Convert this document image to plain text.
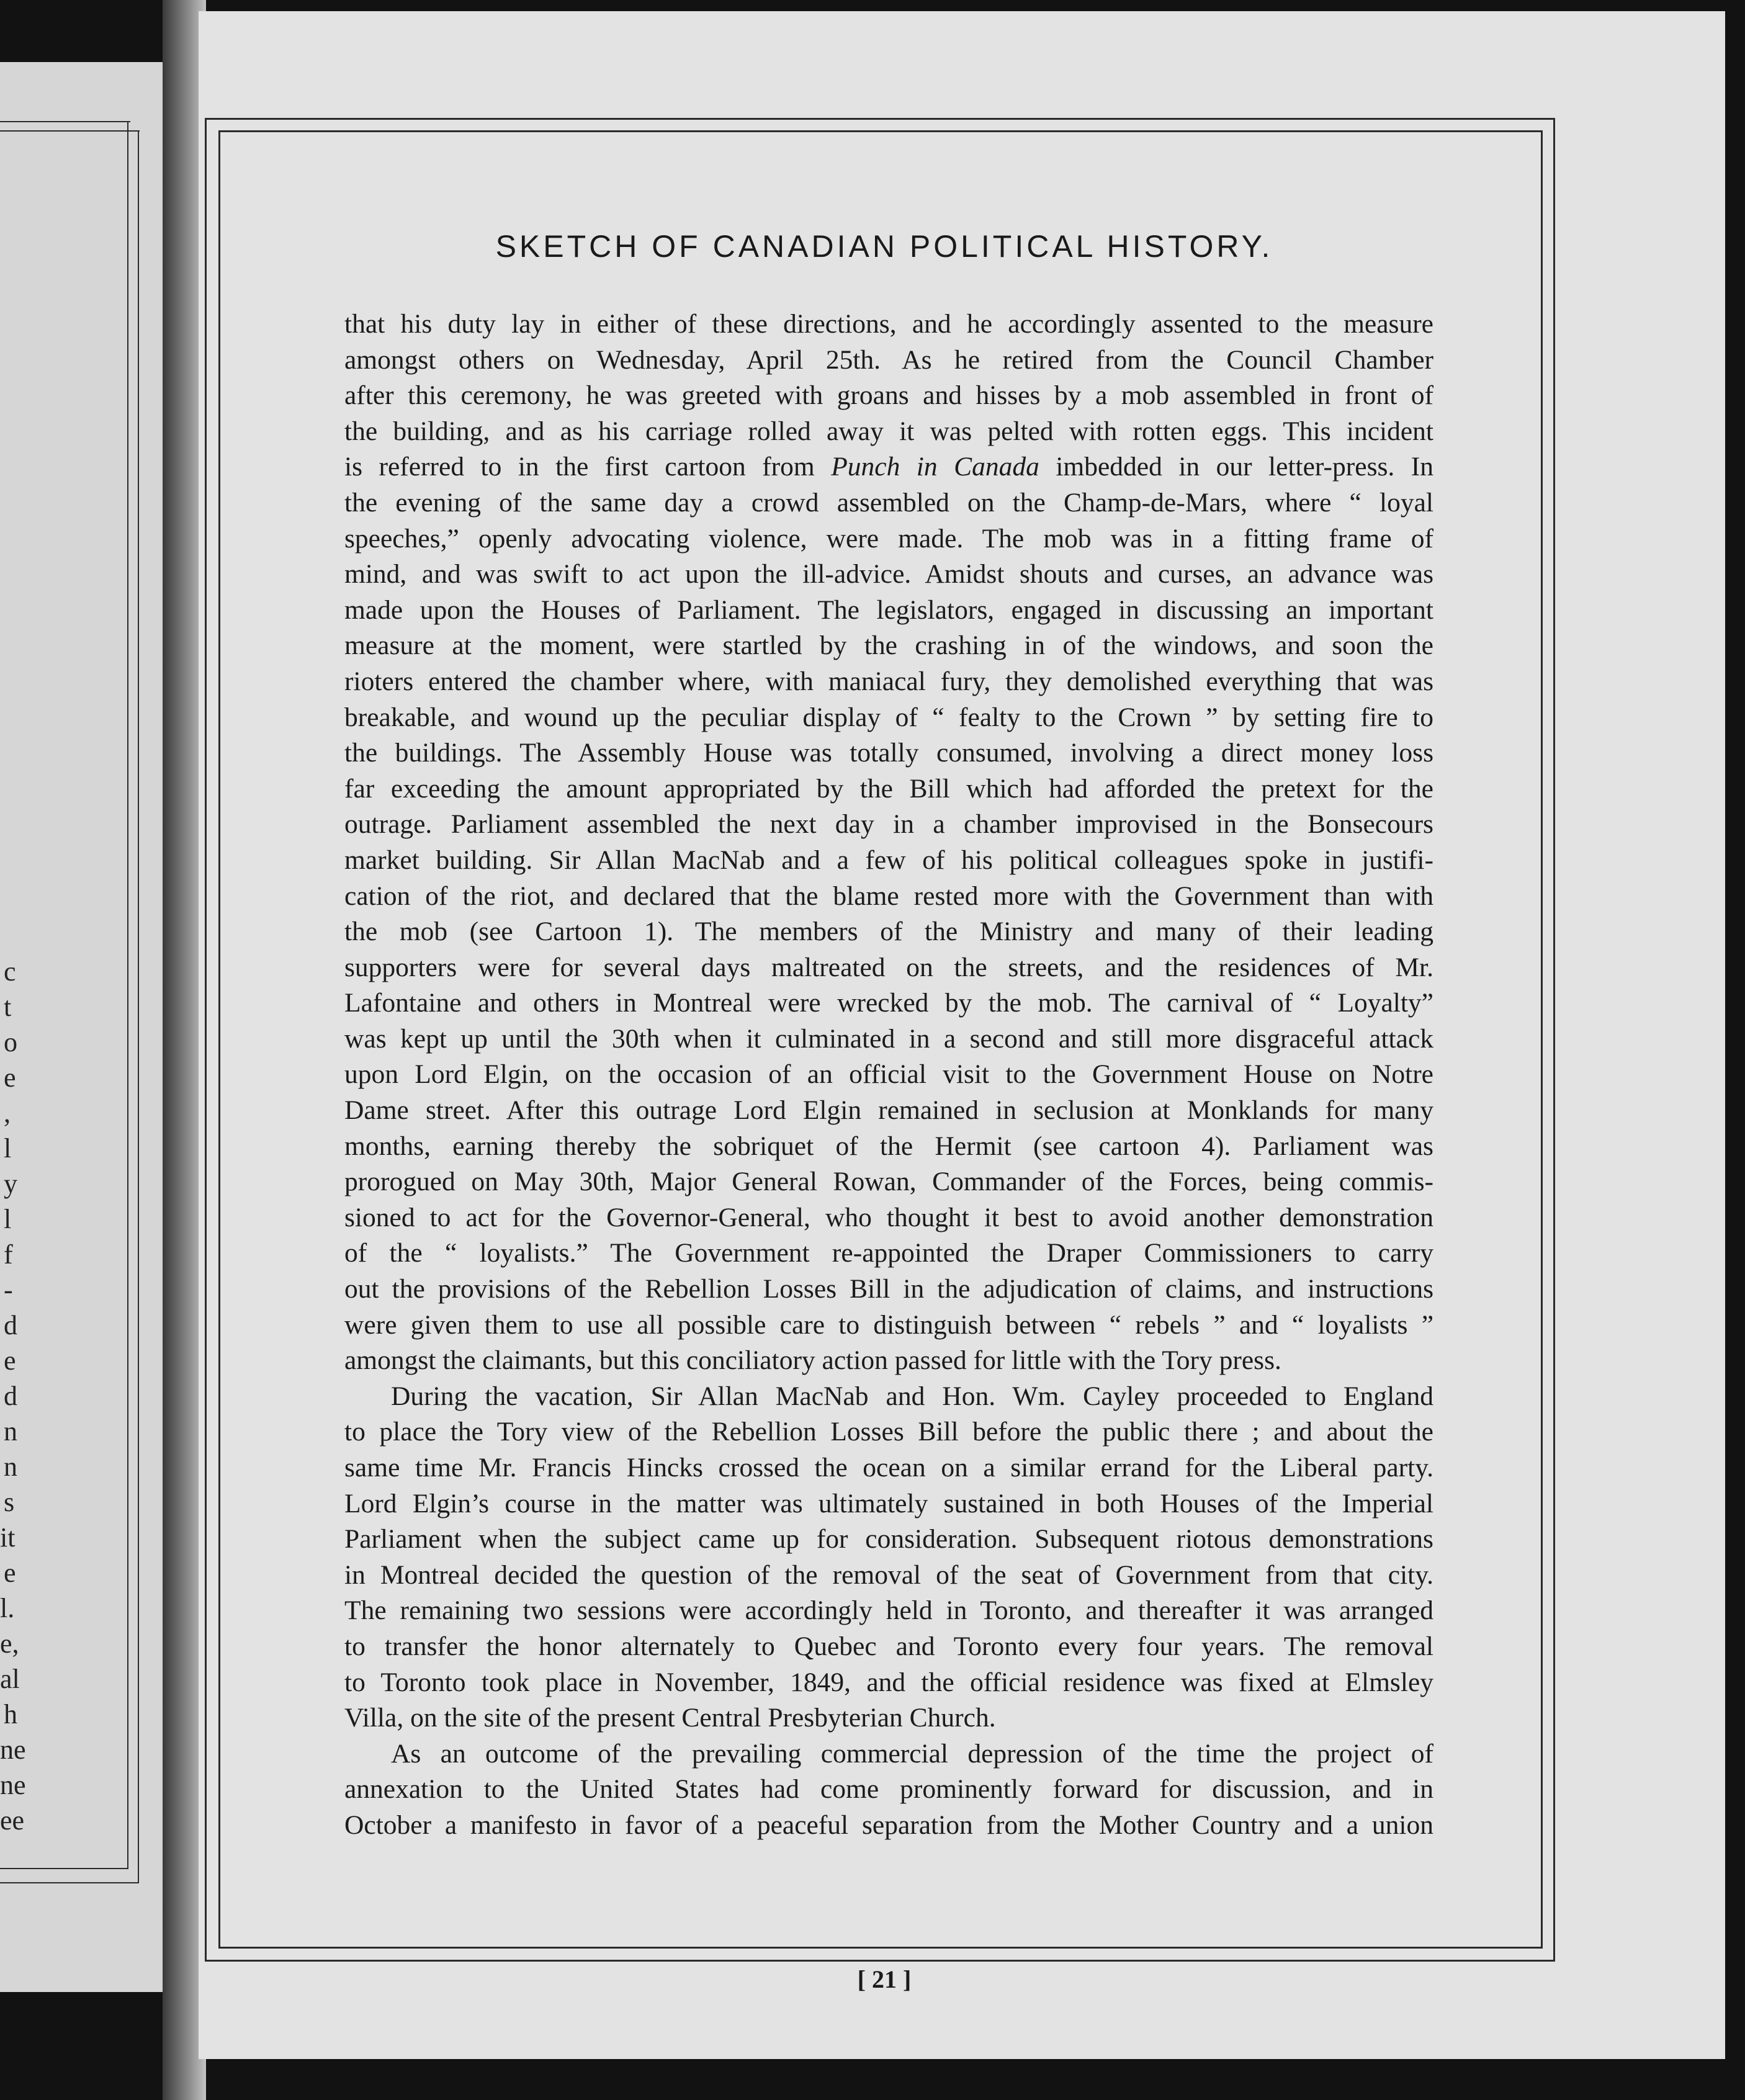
c
t
o
e
,
l
y
l
f
-
d
e
d
n
n
s
it
e
l.
e,
al
h
ne
ne
ee
SKETCH OF CANADIAN POLITICAL HISTORY.
that his duty lay in either of these directions, and he accordingly assented to the measure
amongst others on Wednesday, April 25th. As he retired from the Council Chamber
after this ceremony, he was greeted with groans and hisses by a mob assembled in front of
the building, and as his carriage rolled away it was pelted with rotten eggs. This incident
is referred to in the first cartoon from Punch in Canada imbedded in our letter-press. In
the evening of the same day a crowd assembled on the Champ-de-Mars, where “ loyal
speeches,” openly advocating violence, were made. The mob was in a fitting frame of
mind, and was swift to act upon the ill-advice. Amidst shouts and curses, an advance was
made upon the Houses of Parliament. The legislators, engaged in discussing an important
measure at the moment, were startled by the crashing in of the windows, and soon the
rioters entered the chamber where, with maniacal fury, they demolished everything that was
breakable, and wound up the peculiar display of “ fealty to the Crown ” by setting fire to
the buildings. The Assembly House was totally consumed, involving a direct money loss
far exceeding the amount appropriated by the Bill which had afforded the pretext for the
outrage. Parliament assembled the next day in a chamber improvised in the Bonsecours
market building. Sir Allan MacNab and a few of his political colleagues spoke in justifi-
cation of the riot, and declared that the blame rested more with the Government than with
the mob (see Cartoon 1). The members of the Ministry and many of their leading
supporters were for several days maltreated on the streets, and the residences of Mr.
Lafontaine and others in Montreal were wrecked by the mob. The carnival of “ Loyalty”
was kept up until the 30th when it culminated in a second and still more disgraceful attack
upon Lord Elgin, on the occasion of an official visit to the Government House on Notre
Dame street. After this outrage Lord Elgin remained in seclusion at Monklands for many
months, earning thereby the sobriquet of the Hermit (see cartoon 4). Parliament was
prorogued on May 30th, Major General Rowan, Commander of the Forces, being commis-
sioned to act for the Governor-General, who thought it best to avoid another demonstration
of the “ loyalists.” The Government re-appointed the Draper Commissioners to carry
out the provisions of the Rebellion Losses Bill in the adjudication of claims, and instructions
were given them to use all possible care to distinguish between “ rebels ” and “ loyalists ”
amongst the claimants, but this conciliatory action passed for little with the Tory press.
During the vacation, Sir Allan MacNab and Hon. Wm. Cayley proceeded to England
to place the Tory view of the Rebellion Losses Bill before the public there ; and about the
same time Mr. Francis Hincks crossed the ocean on a similar errand for the Liberal party.
Lord Elgin’s course in the matter was ultimately sustained in both Houses of the Imperial
Parliament when the subject came up for consideration. Subsequent riotous demonstrations
in Montreal decided the question of the removal of the seat of Government from that city.
The remaining two sessions were accordingly held in Toronto, and thereafter it was arranged
to transfer the honor alternately to Quebec and Toronto every four years. The removal
to Toronto took place in November, 1849, and the official residence was fixed at Elmsley
Villa, on the site of the present Central Presbyterian Church.
As an outcome of the prevailing commercial depression of the time the project of
annexation to the United States had come prominently forward for discussion, and in
October a manifesto in favor of a peaceful separation from the Mother Country and a union
[ 21 ]
